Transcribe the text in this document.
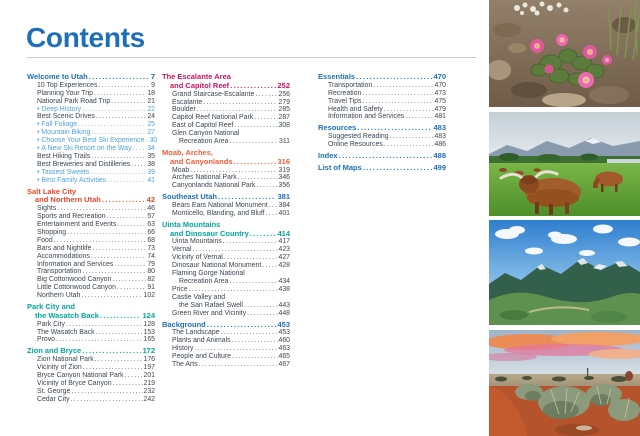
Contents
Welcome to Utah .....	7
10 Top Experiences .....	9
Planning Your Trip .....	18
National Park Road Trip .....	21
• Deep History .....	22
Best Scenic Drives .....	24
• Fall Foliage .....	25
• Mountain Biking .....	27
• Choose Your Best Ski Experience ..... 30
• A New Ski Resort on the Way ..... 34
Best Hiking Trails .....	35
Best Breweries and Distilleries .....	38
• Tastiest Sweets .....	39
• Best Family Activities .....	41
Salt Lake City
and Northern Utah .....	42
Sights .....	46
Sports and Recreation .....	57
Entertainment and Events .....	63
Shopping .....	66
Food .....	68
Bars and Nightlife .....	73
Accommodations .....	74
Information and Services .....	79
Transportation .....	80
Big Cottonwood Canyon .....	82
Little Cottonwood Canyon .....	91
Northern Utah .....	102
Park City and
the Wasatch Back .....	124
Park City .....	128
The Wasatch Back .....	153
Provo .....	165
Zion and Bryce .....	172
Zion National Park .....	176
Vicinity of Zion .....	197
Bryce Canyon National Park .....	201
Vicinity of Bryce Canyon .....	219
St. George .....	232
Cedar City .....	242
The Escalante Area
and Capitol Reef .....	252
Grand Staircase-Escalante .....	256
Escalante .....	279
Boulder .....	285
Capitol Reef National Park .....	287
East of Capitol Reef .....	308
Glen Canyon National
Recreation Area .....	311
Moab, Arches,
and Canyonlands .....	316
Moab .....	319
Arches National Park .....	346
Canyonlands National Park .....	356
Southeast Utah .....	381
Bears Ears National Monument ..... 384
Monticello, Blanding, and Bluff ..... 401
Uinta Mountains
and Dinosaur Country .....	414
Uinta Mountains .....	417
Vernal .....	423
Vicinity of Vernal .....	427
Dinosaur National Monument .....	428
Flaming Gorge National
Recreation Area .....	434
Price .....	438
Castle Valley and
the San Rafael Swell .....	443
Green River and Vicinity .....	448
Background .....	453
The Landscape .....	453
Plants and Animals .....	460
History .....	463
People and Culture .....	465
The Arts .....	467
Essentials .....	470
Transportation .....	470
Recreation .....	473
Travel Tips .....	475
Health and Safety .....	479
Information and Services .....	481
Resources .....	483
Suggested Reading .....	483
Online Resources .....	486
Index .....	488
List of Maps .....	499
